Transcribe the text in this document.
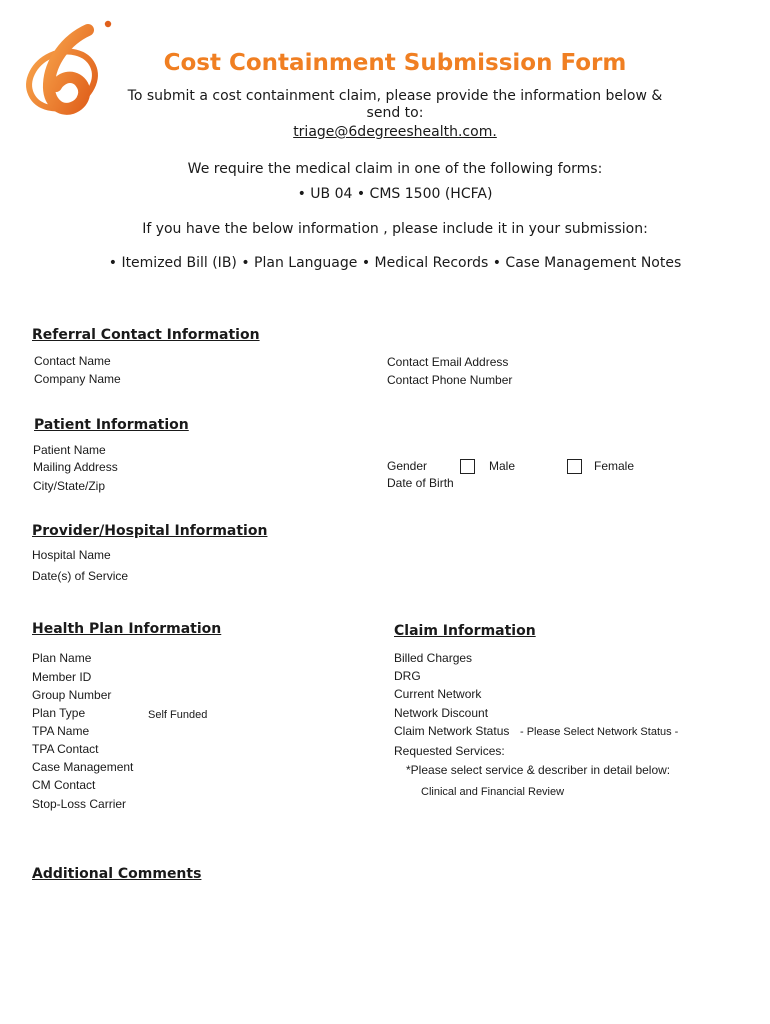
Cost Containment Submission Form
To submit a cost containment claim, please provide the information below &
send to:
triage@6degreeshealth.com.
We require the medical claim in one of the following forms:
• UB 04 • CMS 1500 (HCFA)
If you have the below information , please include it in your submission:
• Itemized Bill (IB) • Plan Language • Medical Records • Case Management Notes
Referral Contact Information
Contact Name
Company Name
Contact Email Address
Contact Phone Number
Patient Information
Patient Name
Mailing Address
City/State/Zip
Gender	Male	Female
Date of Birth
Provider/Hospital Information
Hospital Name
Date(s) of Service
Health Plan Information
Plan Name
Member ID
Group Number
Plan Type	Self Funded
TPA Name
TPA Contact
Case Management
CM Contact
Stop-Loss Carrier
Claim Information
Billed Charges
DRG
Current Network
Network Discount
Claim Network Status - Please Select Network Status -
Requested Services:
*Please select service & describer in detail below:
Clinical and Financial Review
Additional Comments
